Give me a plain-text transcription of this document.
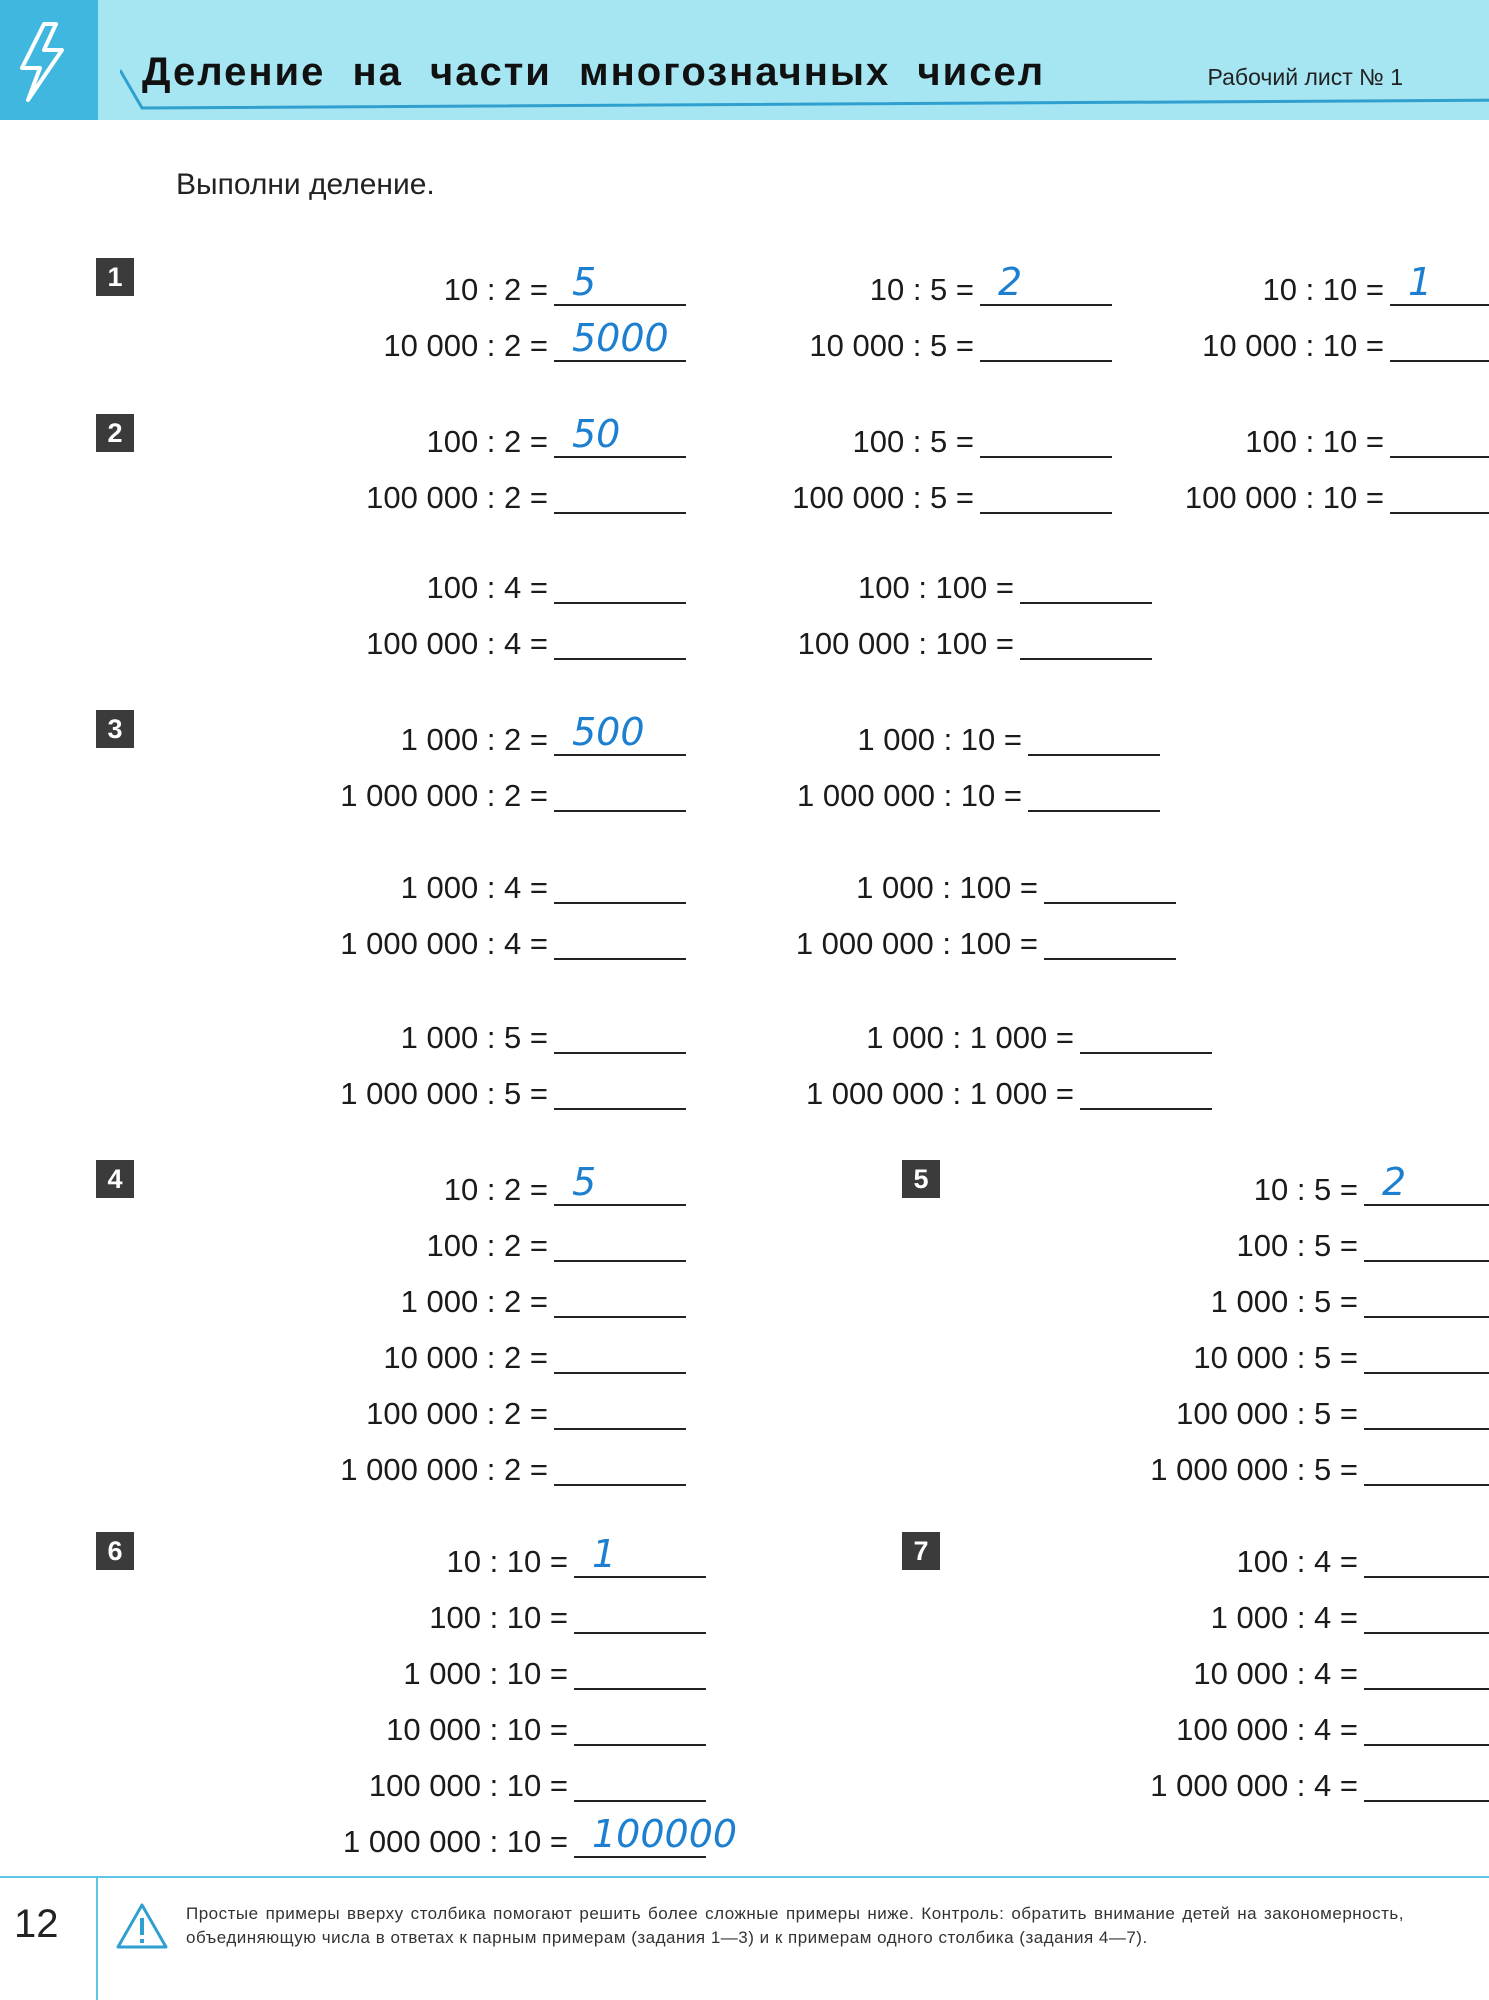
Деление на части многозначных чисел	Рабочий лист № 1
Выполни деление.
1	10 : 2 = 5
10 000 : 2 = 5000
10 : 5 = 2
10 000 : 5 =
10 : 10 = 1
10 000 : 10 =
2	100 : 2 = 50
100 000 : 2 =
100 : 5 =
100 000 : 5 =
100 : 10 =
100 000 : 10 =
100 : 4 =
100 000 : 4 =
100 : 100 =
100 000 : 100 =
3	1 000 : 2 = 500
1 000 000 : 2 =
1 000 : 10 =
1 000 000 : 10 =
1 000 : 4 =
1 000 000 : 4 =
1 000 : 100 =
1 000 000 : 100 =
1 000 : 5 =
1 000 000 : 5 =
1 000 : 1 000 =
1 000 000 : 1 000 =
4	10 : 2 = 5
100 : 2 =
1 000 : 2 =
10 000 : 2 =
100 000 : 2 =
1 000 000 : 2 =
5	10 : 5 = 2
100 : 5 =
1 000 : 5 =
10 000 : 5 =
100 000 : 5 =
1 000 000 : 5 =
6	10 : 10 = 1
100 : 10 =
1 000 : 10 =
10 000 : 10 =
100 000 : 10 =
1 000 000 : 10 = 100000
7	100 : 4 =
1 000 : 4 =
10 000 : 4 =
100 000 : 4 =
1 000 000 : 4 =
12	Простые примеры вверху столбика помогают решить более сложные примеры ниже. Контроль: обратить внимание детей на закономерность, объединяющую числа в ответах к парным примерам (задания 1—3) и к примерам одного столбика (задания 4—7).
